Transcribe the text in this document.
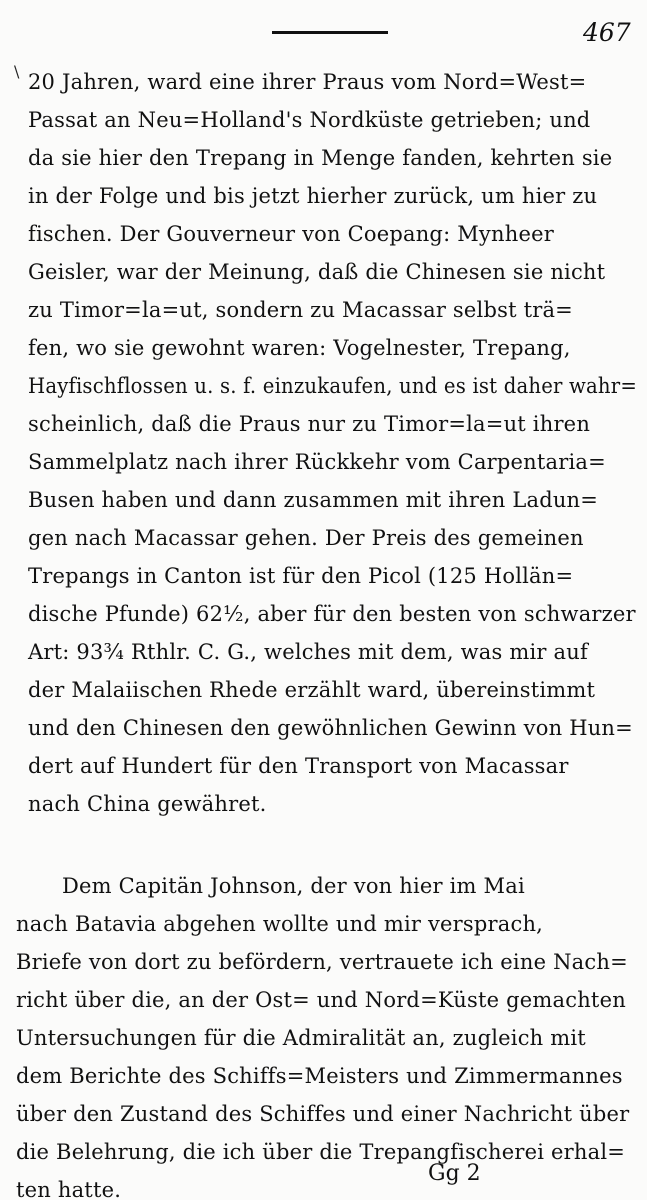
467
\ 20 Jahren, ward eine ihrer Praus vom Nord=West=
Passat an Neu=Holland's Nordküste getrieben; und
da sie hier den Trepang in Menge fanden, kehrten sie
in der Folge und bis jetzt hierher zurück, um hier zu
fischen. Der Gouverneur von Coepang: Mynheer
Geisler, war der Meinung, daß die Chinesen sie nicht
zu Timor=la=ut, sondern zu Macassar selbst trä=
fen, wo sie gewohnt waren: Vogelnester, Trepang,
Hayfischflossen u. s. f. einzukaufen, und es ist daher wahr=
scheinlich, daß die Praus nur zu Timor=la=ut ihren
Sammelplatz nach ihrer Rückkehr vom Carpentaria=
Busen haben und dann zusammen mit ihren Ladun=
gen nach Macassar gehen. Der Preis des gemeinen
Trepangs in Canton ist für den Picol (125 Hollän=
dische Pfunde) 62½, aber für den besten von schwarzer
Art: 93¾ Rthlr. C. G., welches mit dem, was mir auf
der Malaiischen Rhede erzählt ward, übereinstimmt
und den Chinesen den gewöhnlichen Gewinn von Hun=
dert auf Hundert für den Transport von Macassar
nach China gewähret.
Dem Capitän Johnson, der von hier im Mai
nach Batavia abgehen wollte und mir versprach,
Briefe von dort zu befördern, vertrauete ich eine Nach=
richt über die, an der Ost= und Nord=Küste gemachten
Untersuchungen für die Admiralität an, zugleich mit
dem Berichte des Schiffs=Meisters und Zimmermannes
über den Zustand des Schiffes und einer Nachricht über
die Belehrung, die ich über die Trepangfischerei erhal=
ten hatte.
Gg 2
